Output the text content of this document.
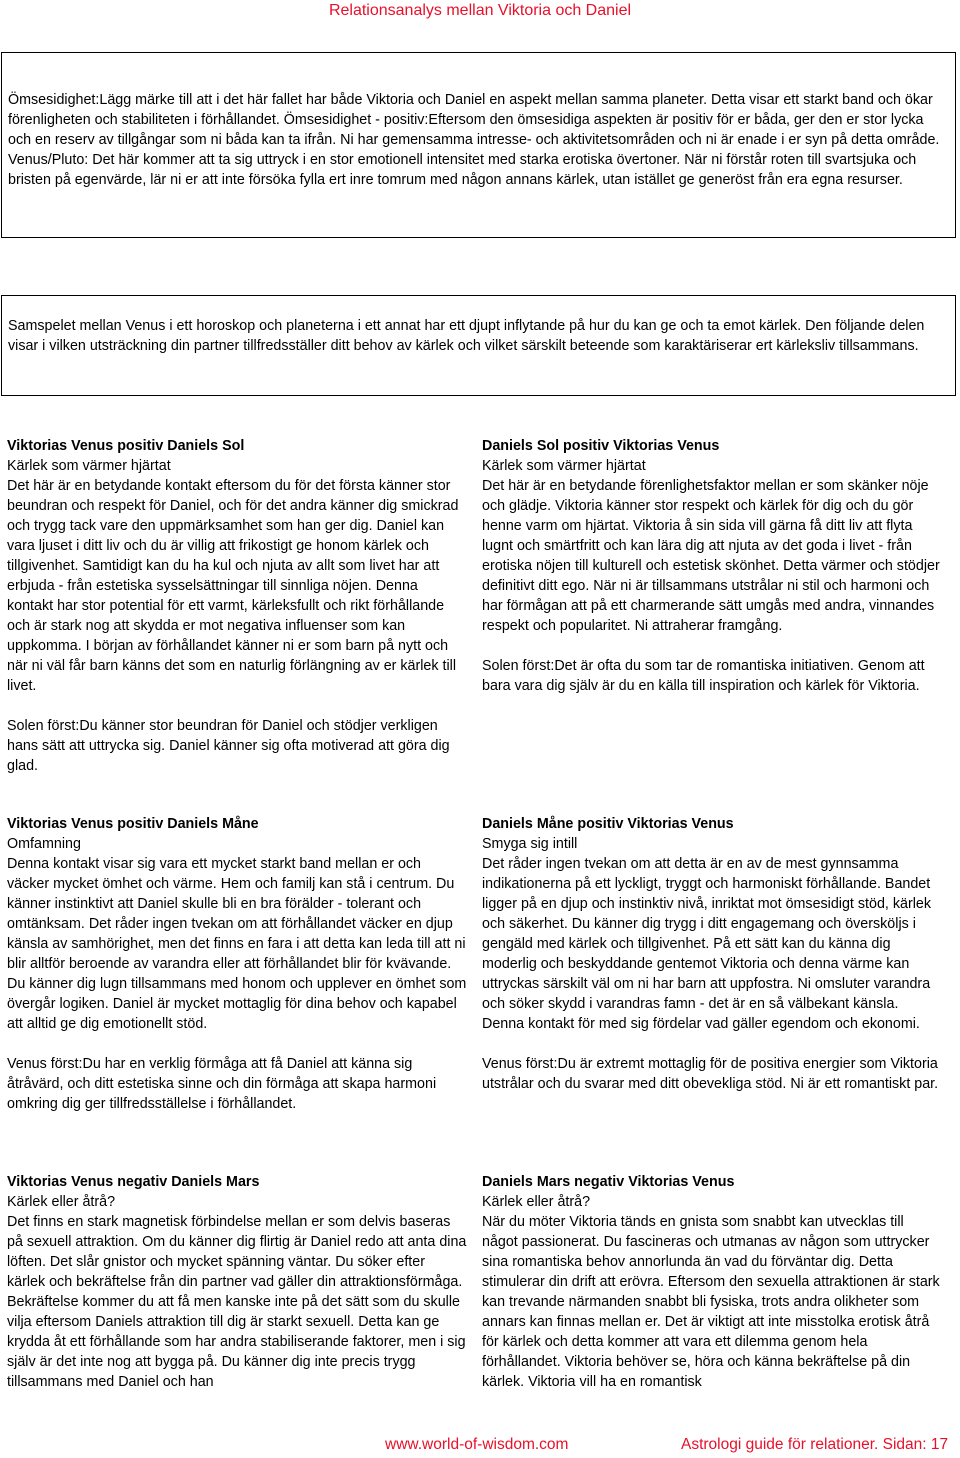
Relationsanalys mellan Viktoria och Daniel
Ömsesidighet:Lägg märke till att i det här fallet har både Viktoria och Daniel en aspekt mellan samma planeter. Detta visar ett starkt band och ökar förenligheten och stabiliteten i förhållandet. Ömsesidighet - positiv:Eftersom den ömsesidiga aspekten är positiv för er båda, ger den er stor lycka och en reserv av tillgångar som ni båda kan ta ifrån. Ni har gemensamma intresse- och aktivitetsområden och ni är enade i er syn på detta område. Venus/Pluto: Det här kommer att ta sig uttryck i en stor emotionell intensitet med starka erotiska övertoner. När ni förstår roten till svartsjuka och bristen på egenvärde, lär ni er att inte försöka fylla ert inre tomrum med någon annans kärlek, utan istället ge generöst från era egna resurser.
Samspelet mellan Venus i ett horoskop och planeterna i ett annat har ett djupt inflytande på hur du kan ge och ta emot kärlek. Den följande delen visar i vilken utsträckning din partner tillfredsställer ditt behov av kärlek och vilket särskilt beteende som karaktäriserar ert kärleksliv tillsammans.

Viktorias Venus positiv Daniels Sol

Kärlek som värmer hjärtat

Det här är en betydande kontakt eftersom du för det första känner stor beundran och respekt för Daniel, och för det andra känner dig smickrad och trygg tack vare den uppmärksamhet som han ger dig. Daniel kan vara ljuset i ditt liv och du är villig att frikostigt ge honom kärlek och tillgivenhet. Samtidigt kan du ha kul och njuta av allt som livet har att erbjuda - från estetiska sysselsättningar till sinnliga nöjen. Denna kontakt har stor potential för ett varmt, kärleksfullt och rikt förhållande och är stark nog att skydda er mot negativa influenser som kan uppkomma. I början av förhållandet känner ni er som barn på nytt och när ni väl får barn känns det som en naturlig förlängning av er kärlek till livet.

Solen först:Du känner stor beundran för Daniel och stödjer verkligen hans sätt att uttrycka sig. Daniel känner sig ofta motiverad att göra dig glad.

Viktorias Venus positiv Daniels Måne

Omfamning

Denna kontakt visar sig vara ett mycket starkt band mellan er och väcker mycket ömhet och värme. Hem och familj kan stå i centrum. Du känner instinktivt att Daniel skulle bli en bra förälder - tolerant och omtänksam. Det råder ingen tvekan om att förhållandet väcker en djup känsla av samhörighet, men det finns en fara i att detta kan leda till att ni blir alltför beroende av varandra eller att förhållandet blir för kvävande. Du känner dig lugn tillsammans med honom och upplever en ömhet som övergår logiken. Daniel är mycket mottaglig för dina behov och kapabel att alltid ge dig emotionellt stöd.

Venus först:Du har en verklig förmåga att få Daniel att känna sig åtråvärd, och ditt estetiska sinne och din förmåga att skapa harmoni omkring dig ger tillfredsställelse i förhållandet.

Viktorias Venus negativ Daniels Mars

Kärlek eller åtrå?

Det finns en stark magnetisk förbindelse mellan er som delvis baseras på sexuell attraktion. Om du känner dig flirtig är Daniel redo att anta dina löften. Det slår gnistor och mycket spänning väntar. Du söker efter kärlek och bekräftelse från din partner vad gäller din attraktionsförmåga. Bekräftelse kommer du att få men kanske inte på det sätt som du skulle vilja eftersom Daniels attraktion till dig är starkt sexuell. Detta kan ge krydda åt ett förhållande som har andra stabiliserande faktorer, men i sig själv är det inte nog att bygga på. Du känner dig inte precis trygg tillsammans med Daniel och han

Daniels Sol positiv Viktorias Venus

Kärlek som värmer hjärtat

Det här är en betydande förenlighetsfaktor mellan er som skänker nöje och glädje. Viktoria känner stor respekt och kärlek för dig och du gör henne varm om hjärtat. Viktoria å sin sida vill gärna få ditt liv att flyta lugnt och smärtfritt och kan lära dig att njuta av det goda i livet - från erotiska nöjen till kulturell och estetisk skönhet. Detta värmer och stödjer definitivt ditt ego. När ni är tillsammans utstrålar ni stil och harmoni och har förmågan att på ett charmerande sätt umgås med andra, vinnandes respekt och popularitet. Ni attraherar framgång.

Solen först:Det är ofta du som tar de romantiska initiativen. Genom att bara vara dig själv är du en källa till inspiration och kärlek för Viktoria.

Daniels Måne positiv Viktorias Venus

Smyga sig intill

Det råder ingen tvekan om att detta är en av de mest gynnsamma indikationerna på ett lyckligt, tryggt och harmoniskt förhållande. Bandet ligger på en djup och instinktiv nivå, inriktat mot ömsesidigt stöd, kärlek och säkerhet. Du känner dig trygg i ditt engagemang och översköljs i gengäld med kärlek och tillgivenhet. På ett sätt kan du känna dig moderlig och beskyddande gentemot Viktoria och denna värme kan uttryckas särskilt väl om ni har barn att uppfostra. Ni omsluter varandra och söker skydd i varandras famn - det är en så välbekant känsla. Denna kontakt för med sig fördelar vad gäller egendom och ekonomi.

Venus först:Du är extremt mottaglig för de positiva energier som Viktoria utstrålar och du svarar med ditt obevekliga stöd. Ni är ett romantiskt par.

Daniels Mars negativ Viktorias Venus

Kärlek eller åtrå?

När du möter Viktoria tänds en gnista som snabbt kan utvecklas till något passionerat. Du fascineras och utmanas av någon som uttrycker sina romantiska behov annorlunda än vad du förväntar dig. Detta stimulerar din drift att erövra. Eftersom den sexuella attraktionen är stark kan trevande närmanden snabbt bli fysiska, trots andra olikheter som annars kan finnas mellan er. Det är viktigt att inte misstolka erotisk åtrå för kärlek och detta kommer att vara ett dilemma genom hela förhållandet. Viktoria behöver se, höra och känna bekräftelse på din kärlek. Viktoria vill ha en romantisk

www.world-of-wisdom.com	Astrologi guide för relationer. Sidan: 17
